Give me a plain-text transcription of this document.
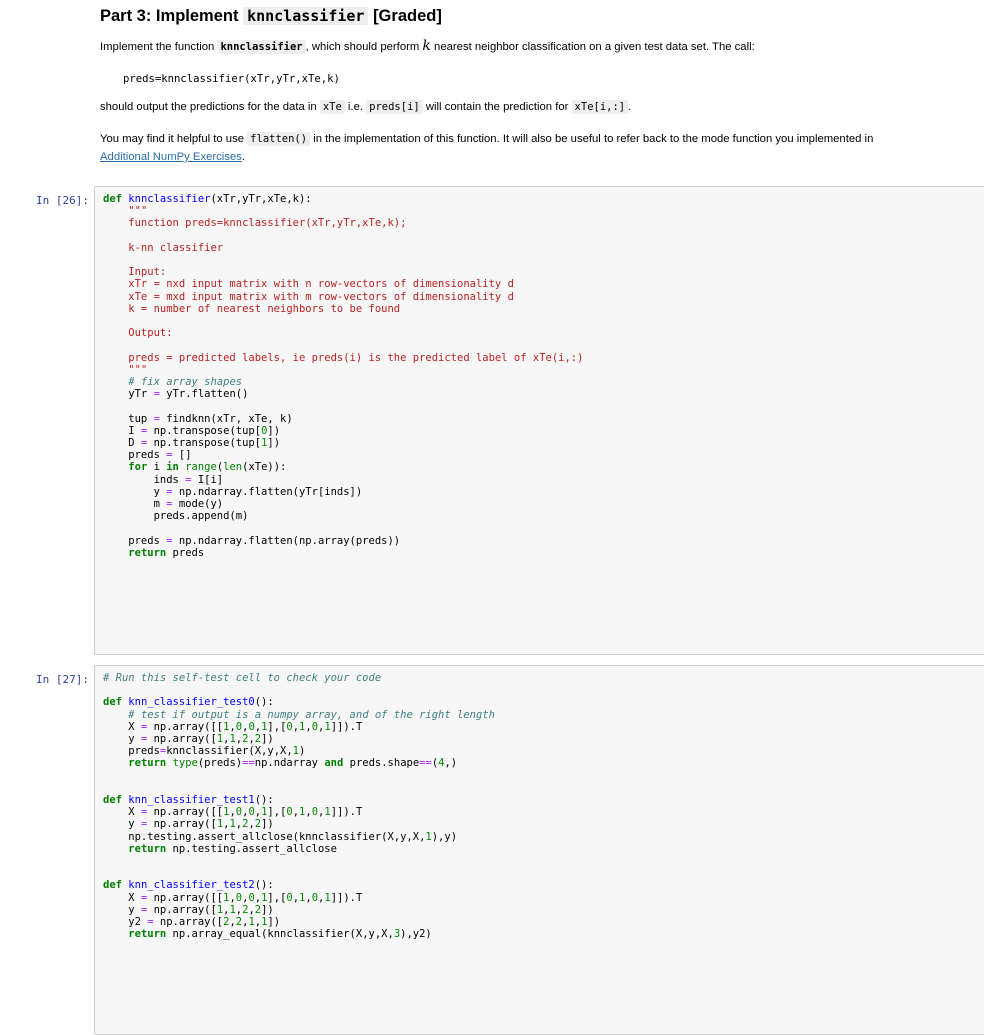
Part 3: Implement knnclassifier [Graded]

Implement the function knnclassifier , which should perform k nearest neighbor classification on a given test data set. The call:

preds=knnclassifier(xTr,yTr,xTe,k)

should output the predictions for the data in xTe i.e. preds[i] will contain the prediction for xTe[i,:] .

You may find it helpful to use flatten() in the implementation of this function. It will also be useful to refer back to the mode function you implemented in

Additional NumPy Exercises.

In [26]:	def knnclassifier(xTr,yTr,xTe,k):
"""
function preds=knnclassifier(xTr,yTr,xTe,k);

k-nn classifier

Input:
xTr = nxd input matrix with n row-vectors of dimensionality d
xTe = mxd input matrix with m row-vectors of dimensionality d
k = number of nearest neighbors to be found

Output:

preds = predicted labels, ie preds(i) is the predicted label of xTe(i,:)
"""
# fix array shapes
yTr = yTr.flatten()

tup = findknn(xTr, xTe, k)
I = np.transpose(tup[0])
D = np.transpose(tup[1])
preds = []
for i in range(len(xTe)):
inds = I[i]
y = np.ndarray.flatten(yTr[inds])
m = mode(y)
preds.append(m)

preds = np.ndarray.flatten(np.array(preds))
return preds
In [27]:	# Run this self-test cell to check your code

def knn_classifier_test0():
# test if output is a numpy array, and of the right length
X = np.array([[1,0,0,1],[0,1,0,1]]).T
y = np.array([1,1,2,2])
preds=knnclassifier(X,y,X,1)
return type(preds)==np.ndarray and preds.shape==(4,)

def knn_classifier_test1():
X = np.array([[1,0,0,1],[0,1,0,1]]).T
y = np.array([1,1,2,2])
np.testing.assert_allclose(knnclassifier(X,y,X,1),y)
return np.testing.assert_allclose

def knn_classifier_test2():
X = np.array([[1,0,0,1],[0,1,0,1]]).T
y = np.array([1,1,2,2])
y2 = np.array([2,2,1,1])
return np.array_equal(knnclassifier(X,y,X,3),y2)
